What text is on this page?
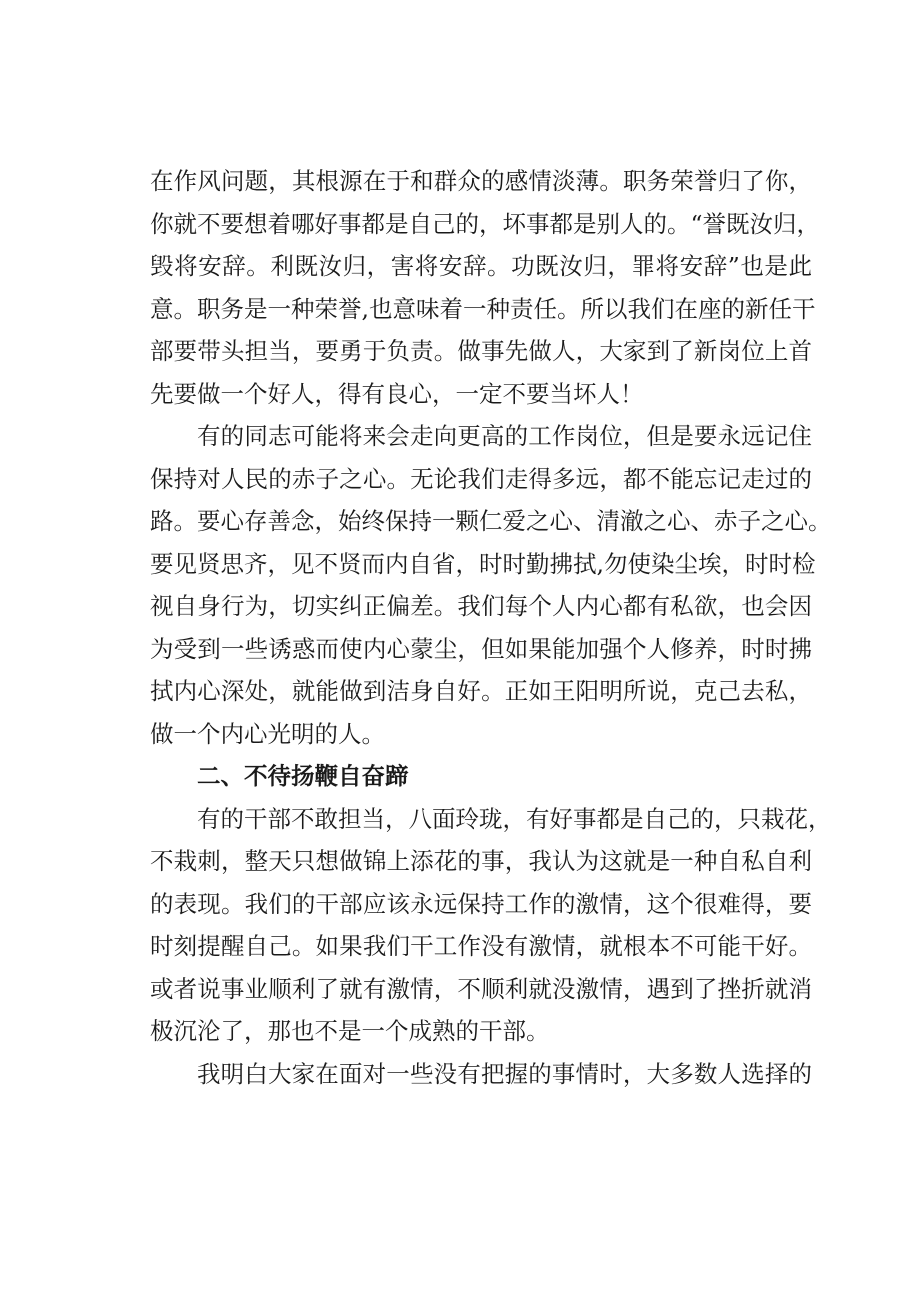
在作风问题，其根源在于和群众的感情淡薄。职务荣誉归了你，
你就不要想着哪好事都是自己的，坏事都是别人的。“誉既汝归，
毁将安辞。利既汝归，害将安辞。功既汝归，罪将安辞”也是此
意。职务是一种荣誉,也意味着一种责任。所以我们在座的新任干
部要带头担当，要勇于负责。做事先做人，大家到了新岗位上首
先要做一个好人，得有良心，一定不要当坏人！
有的同志可能将来会走向更高的工作岗位，但是要永远记住
保持对人民的赤子之心。无论我们走得多远，都不能忘记走过的
路。要心存善念，始终保持一颗仁爱之心、清澈之心、赤子之心。
要见贤思齐，见不贤而内自省，时时勤拂拭,勿使染尘埃，时时检
视自身行为，切实纠正偏差。我们每个人内心都有私欲，也会因
为受到一些诱惑而使内心蒙尘，但如果能加强个人修养，时时拂
拭内心深处，就能做到洁身自好。正如王阳明所说，克己去私，
做一个内心光明的人。
二、不待扬鞭自奋蹄
有的干部不敢担当，八面玲珑，有好事都是自己的，只栽花，
不栽刺，整天只想做锦上添花的事，我认为这就是一种自私自利
的表现。我们的干部应该永远保持工作的激情，这个很难得，要
时刻提醒自己。如果我们干工作没有激情，就根本不可能干好。
或者说事业顺利了就有激情，不顺利就没激情，遇到了挫折就消
极沉沦了，那也不是一个成熟的干部。
我明白大家在面对一些没有把握的事情时，大多数人选择的
